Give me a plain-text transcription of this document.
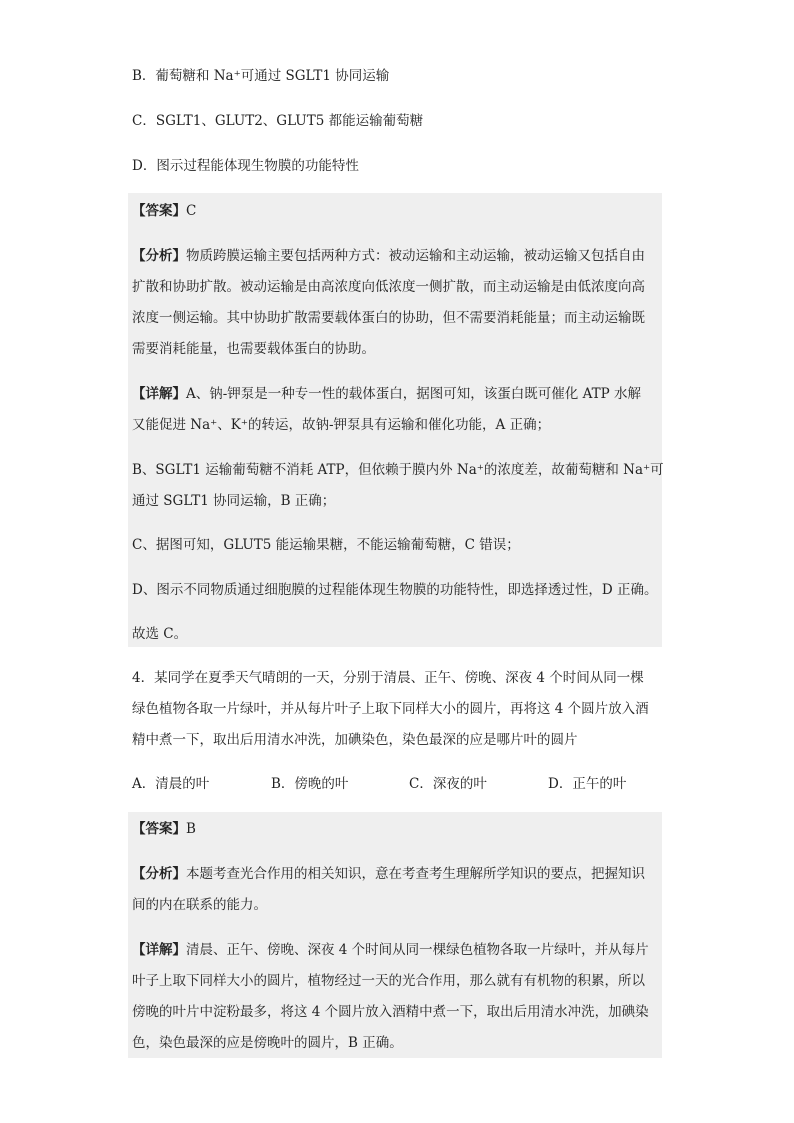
B．葡萄糖和 Na⁺可通过 SGLT1 协同运输
C．SGLT1、GLUT2、GLUT5 都能运输葡萄糖
D．图示过程能体现生物膜的功能特性
【答案】C
【分析】物质跨膜运输主要包括两种方式：被动运输和主动运输，被动运输又包括自由
扩散和协助扩散。被动运输是由高浓度向低浓度一侧扩散，而主动运输是由低浓度向高
浓度一侧运输。其中协助扩散需要载体蛋白的协助，但不需要消耗能量；而主动运输既
需要消耗能量，也需要载体蛋白的协助。
【详解】A、钠-钾泵是一种专一性的载体蛋白，据图可知，该蛋白既可催化 ATP 水解
又能促进 Na⁺、K⁺的转运，故钠-钾泵具有运输和催化功能，A 正确；
B、SGLT1 运输葡萄糖不消耗 ATP，但依赖于膜内外 Na⁺的浓度差，故葡萄糖和 Na⁺可
通过 SGLT1 协同运输，B 正确；
C、据图可知，GLUT5 能运输果糖，不能运输葡萄糖，C 错误；
D、图示不同物质通过细胞膜的过程能体现生物膜的功能特性，即选择透过性，D 正确。
故选 C。
4．某同学在夏季天气晴朗的一天，分别于清晨、正午、傍晚、深夜 4 个时间从同一棵
绿色植物各取一片绿叶，并从每片叶子上取下同样大小的圆片，再将这 4 个圆片放入酒
精中煮一下，取出后用清水冲洗，加碘染色，染色最深的应是哪片叶的圆片
A．清晨的叶	B．傍晚的叶	C．深夜的叶	D．正午的叶
【答案】B
【分析】本题考查光合作用的相关知识，意在考查考生理解所学知识的要点，把握知识
间的内在联系的能力。
【详解】清晨、正午、傍晚、深夜 4 个时间从同一棵绿色植物各取一片绿叶，并从每片
叶子上取下同样大小的圆片，植物经过一天的光合作用，那么就有有机物的积累，所以
傍晚的叶片中淀粉最多，将这 4 个圆片放入酒精中煮一下，取出后用清水冲洗，加碘染
色，染色最深的应是傍晚叶的圆片，B 正确。
